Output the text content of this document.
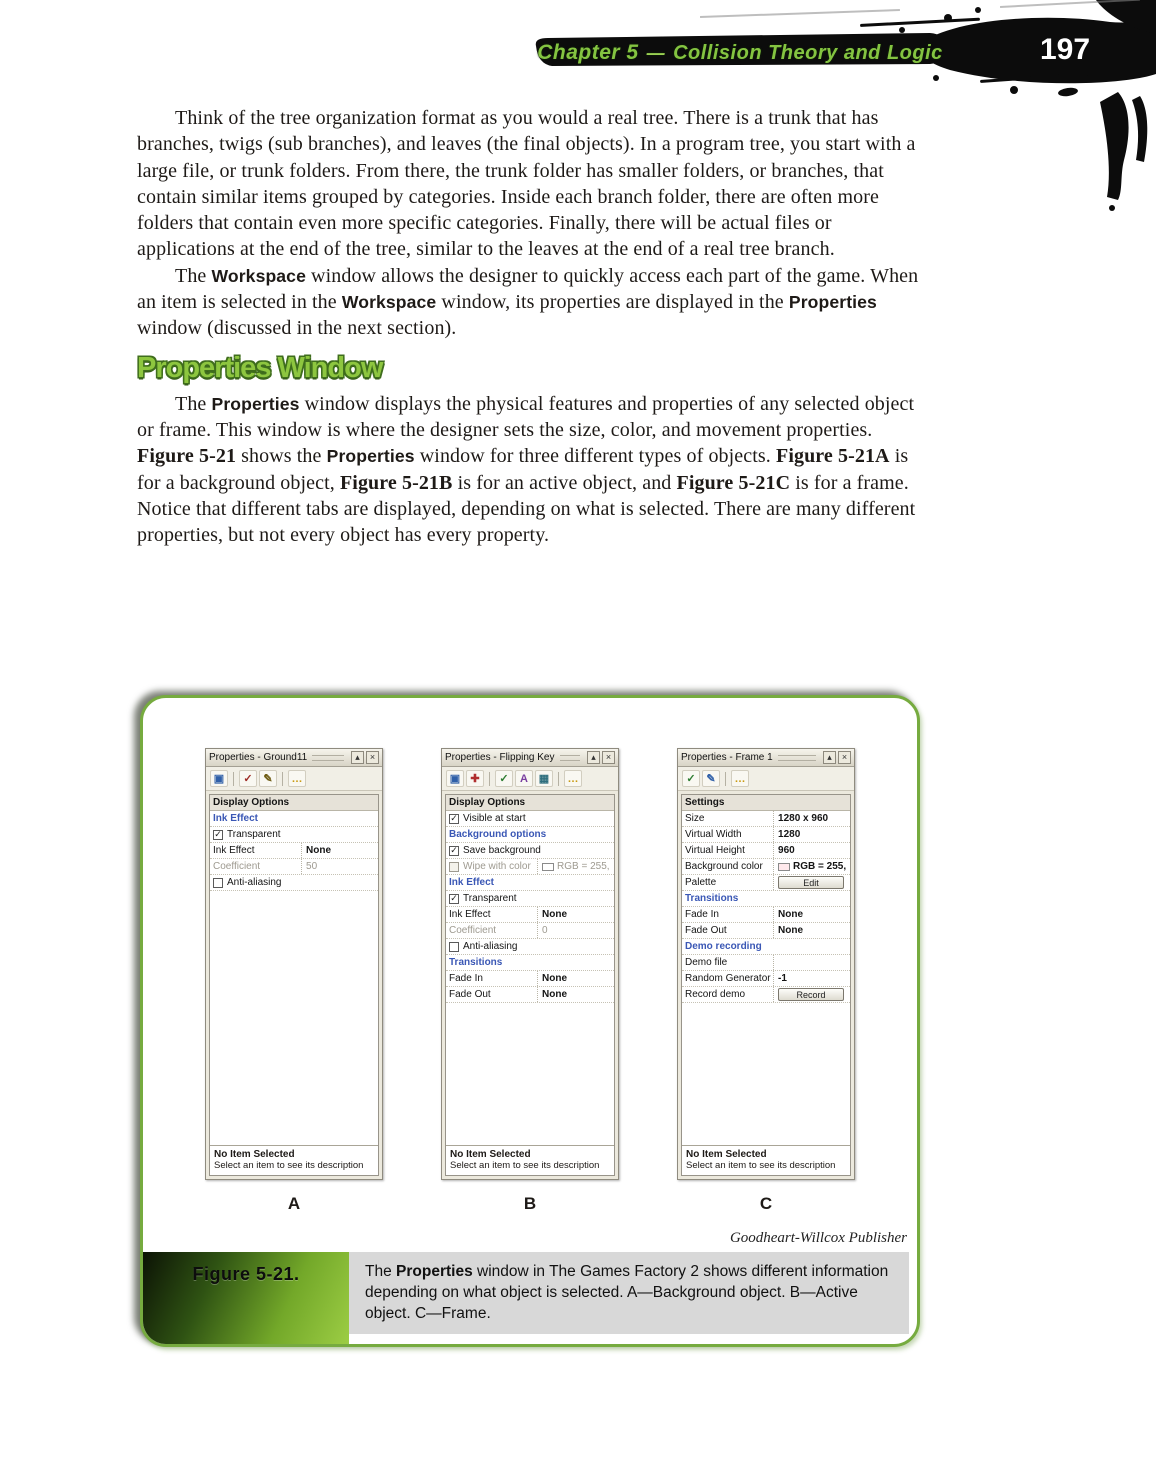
Chapter 5 — Collision Theory and Logic	197

Think of the tree organization format as you would a real tree. There is a trunk that has branches, twigs (sub branches), and leaves (the final objects). In a program tree, you start with a large file, or trunk folders. From there, the trunk folder has smaller folders, or branches, that contain similar items grouped by categories. Inside each branch folder, there are often more folders that contain even more specific categories. Finally, there will be actual files or applications at the end of the tree, similar to the leaves at the end of a real tree branch.

The Workspace window allows the designer to quickly access each part of the game. When an item is selected in the Workspace window, its properties are displayed in the Properties window (discussed in the next section).

Properties Window

The Properties window displays the physical features and properties of any selected object or frame. This window is where the designer sets the size, color, and movement properties. Figure 5-21 shows the Properties window for three different types of objects. Figure 5-21A is for a background object, Figure 5-21B is for an active object, and Figure 5-21C is for a frame. Notice that different tabs are displayed, depending on what is selected. There are many different properties, but not every object has every property.

Properties - Ground11	▴	×
▣	✓ ✎	…
Display Options
Ink Effect
✓ Transparent
Ink Effect	None
Coefficient	50
Anti-aliasing
No Item Selected
Select an item to see its description
A
Properties - Flipping Key	▴	×
▣ ✚	✓	A ▦	…
Display Options
✓ Visible at start
Background options
✓ Save background
Wipe with color	RGB = 255,
Ink Effect
✓ Transparent
Ink Effect	None
Coefficient	0
Anti-aliasing
Transitions
Fade In	None
Fade Out	None
No Item Selected
Select an item to see its description
B
Properties - Frame 1	▴	×
✓ ✎	…
Settings
Size	1280 x 960
Virtual Width	1280
Virtual Height	960
Background color	RGB = 255,
Palette	Edit
Transitions
Fade In	None
Fade Out	None
Demo recording
Demo file
Random Generator -1
Record demo	Record
No Item Selected
Select an item to see its description
C
Goodheart-Willcox Publisher
Figure 5-21.	The Properties window in The Games Factory 2 shows different information depending on what object is selected. A—Background object. B—Active object. C—Frame.
